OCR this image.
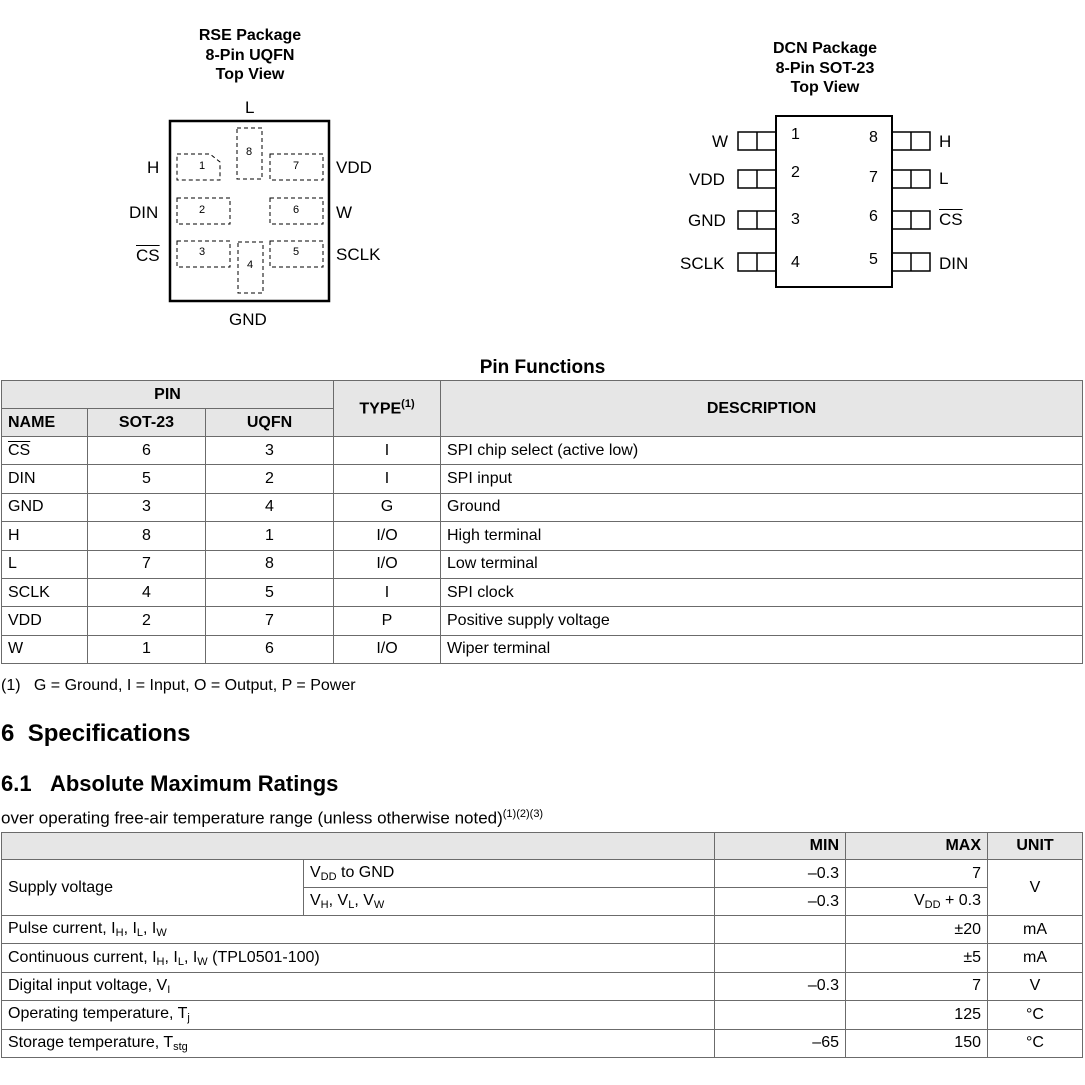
RSE Package
8-Pin UQFN
Top View
1
2
3
4
5
6
7
8
L
GND
H
DIN
$\overline{CS}$
VDD
W
SCLK
DCN Package
8-Pin SOT-23
Top View
W
VDD
GND
SCLK
1
2
3
4
8
7
6
5
H
L
$\overline{CS}$
DIN
Pin Functions
PIN			TYPE$^{(1)}$	DESCRIPTION
NAME	SOT-23	UQFN		
$\overline{CS}$	6	3	I	SPI chip select (active low)
DIN	5	2	I	SPI input
GND	3	4	G	Ground
H	8	1	I/O	High terminal
L	7	8	I/O	Low terminal
SCLK	4	5	I	SPI clock
VDD	2	7	P	Positive supply voltage
W	1	6	I/O	Wiper terminal
(1)   G = Ground, I = Input, O = Output, P = Power
6 Specifications
6.1 Absolute Maximum Ratings
over operating free-air temperature range (unless otherwise noted)$^{(1)(2)(3)}$
		MIN	MAX	UNIT
Supply voltage	$V_{DD}$ to GND	–0.3	7	V
	$V_H$, $V_L$, $V_W$	–0.3	$V_{DD} + 0.3$	
Pulse current, $I_H$, $I_L$, $I_W$			±20	mA
Continuous current, $I_H$, $I_L$, $I_W$ (TPL0501-100)			±5	mA
Digital input voltage, $V_I$		–0.3	7	V
Operating temperature, $T_j$			125	°C
Storage temperature, $T_{stg}$		–65	150	°C
